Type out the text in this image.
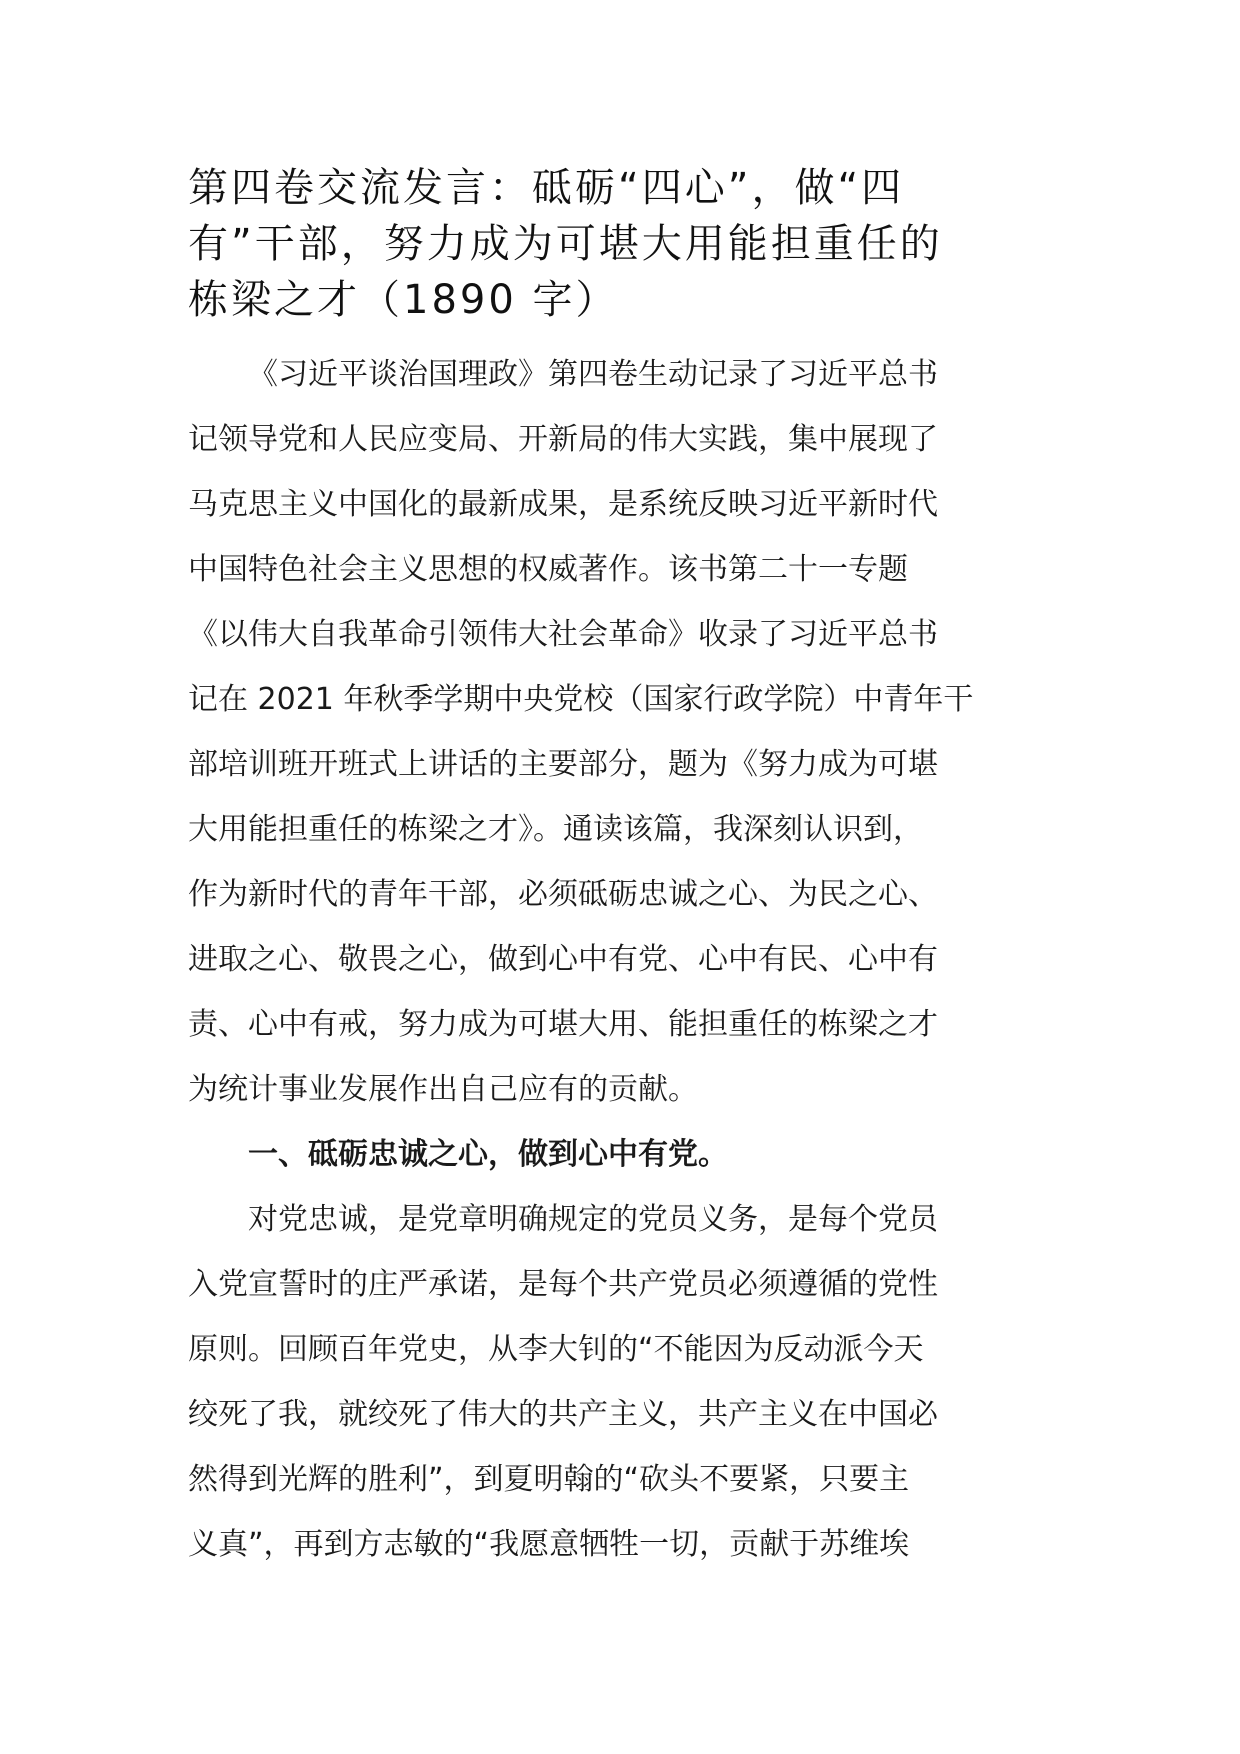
第四卷交流发言：砥砺“四心”，做“四
有”干部，努力成为可堪大用能担重任的
栋梁之才（1890 字）
《习近平谈治国理政》第四卷生动记录了习近平总书
记领导党和人民应变局、开新局的伟大实践，集中展现了
马克思主义中国化的最新成果，是系统反映习近平新时代
中国特色社会主义思想的权威著作。该书第二十一专题
《以伟大自我革命引领伟大社会革命》收录了习近平总书
记在 2021 年秋季学期中央党校（国家行政学院）中青年干
部培训班开班式上讲话的主要部分，题为《努力成为可堪
大用能担重任的栋梁之才》。通读该篇，我深刻认识到，
作为新时代的青年干部，必须砥砺忠诚之心、为民之心、
进取之心、敬畏之心，做到心中有党、心中有民、心中有
责、心中有戒，努力成为可堪大用、能担重任的栋梁之才
为统计事业发展作出自己应有的贡献。
一、砥砺忠诚之心，做到心中有党。
对党忠诚，是党章明确规定的党员义务，是每个党员
入党宣誓时的庄严承诺，是每个共产党员必须遵循的党性
原则。回顾百年党史，从李大钊的“不能因为反动派今天
绞死了我，就绞死了伟大的共产主义，共产主义在中国必
然得到光辉的胜利”，到夏明翰的“砍头不要紧，只要主
义真”，再到方志敏的“我愿意牺牲一切，贡献于苏维埃
